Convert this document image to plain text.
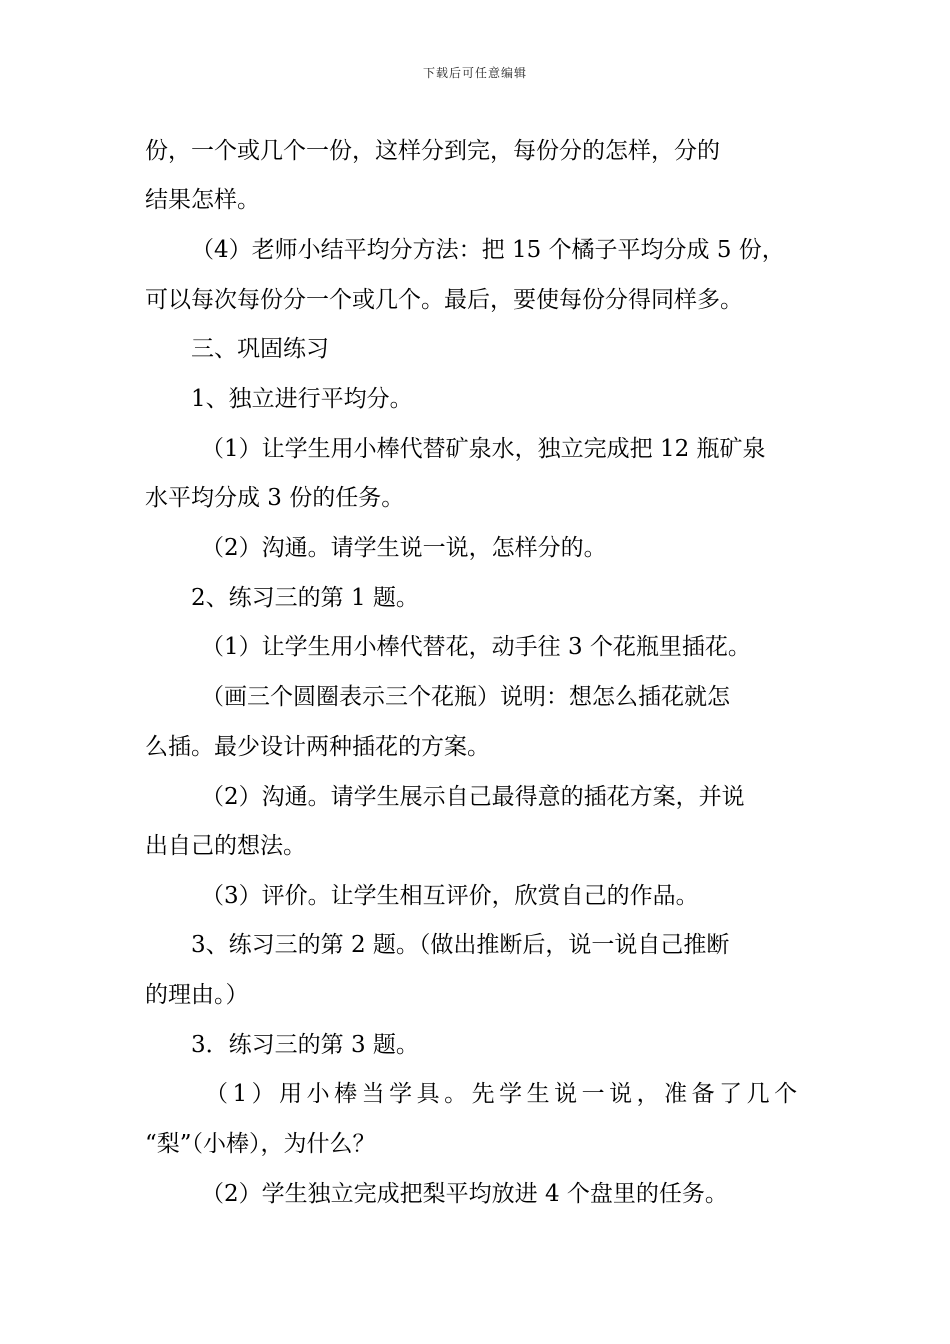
下载后可任意编辑
份，一个或几个一份，这样分到完，每份分的怎样，分的
结果怎样。
（4）老师小结平均分方法：把 15 个橘子平均分成 5 份，
可以每次每份分一个或几个。最后，要使每份分得同样多。
三、巩固练习
1、独立进行平均分。
（1）让学生用小棒代替矿泉水，独立完成把 12 瓶矿泉
水平均分成 3 份的任务。
（2）沟通。请学生说一说，怎样分的。
2、练习三的第 1 题。
（1）让学生用小棒代替花，动手往 3 个花瓶里插花。
（画三个圆圈表示三个花瓶）说明：想怎么插花就怎
么插。最少设计两种插花的方案。
（2）沟通。请学生展示自己最得意的插花方案，并说
出自己的想法。
（3）评价。让学生相互评价，欣赏自己的作品。
3、练习三的第 2 题。（做出推断后，说一说自己推断
的理由。）
3．练习三的第 3 题。
（1）用小棒当学具。先学生说一说，准备了几个
“梨”（小棒），为什么？
（2）学生独立完成把梨平均放进 4 个盘里的任务。
